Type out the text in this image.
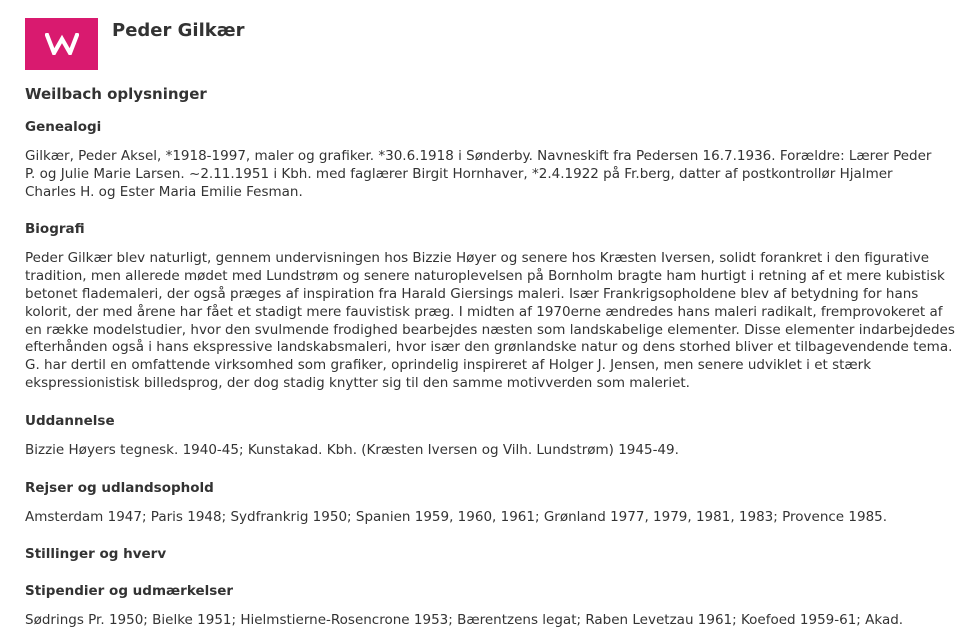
Peder Gilkær
Weilbach oplysninger
Genealogi

Gilkær, Peder Aksel, *1918-1997, maler og grafiker. *30.6.1918 i Sønderby. Navneskift fra Pedersen 16.7.1936. Forældre: Lærer Peder
P. og Julie Marie Larsen. ~2.11.1951 i Kbh. med faglærer Birgit Hornhaver, *2.4.1922 på Fr.berg, datter af postkontrollør Hjalmer
Charles H. og Ester Maria Emilie Fesman.

Biografi

Peder Gilkær blev naturligt, gennem undervisningen hos Bizzie Høyer og senere hos Kræsten Iversen, solidt forankret i den figurative
tradition, men allerede mødet med Lundstrøm og senere naturoplevelsen på Bornholm bragte ham hurtigt i retning af et mere kubistisk
betonet flademaleri, der også præges af inspiration fra Harald Giersings maleri. Især Frankrigsopholdene blev af betydning for hans
kolorit, der med årene har fået et stadigt mere fauvistisk præg. I midten af 1970erne ændredes hans maleri radikalt, fremprovokeret af
en række modelstudier, hvor den svulmende frodighed bearbejdes næsten som landskabelige elementer. Disse elementer indarbejdedes
efterhånden også i hans ekspressive landskabsmaleri, hvor især den grønlandske natur og dens storhed bliver et tilbagevendende tema.
G. har dertil en omfattende virksomhed som grafiker, oprindelig inspireret af Holger J. Jensen, men senere udviklet i et stærk
ekspressionistisk billedsprog, der dog stadig knytter sig til den samme motivverden som maleriet.

Uddannelse

Bizzie Høyers tegnesk. 1940-45; Kunstakad. Kbh. (Kræsten Iversen og Vilh. Lundstrøm) 1945-49.

Rejser og udlandsophold

Amsterdam 1947; Paris 1948; Sydfrankrig 1950; Spanien 1959, 1960, 1961; Grønland 1977, 1979, 1981, 1983; Provence 1985.

Stillinger og hverv
Stipendier og udmærkelser

Sødrings Pr. 1950; Bielke 1951; Hielmstierne-Rosencrone 1953; Bærentzens legat; Raben Levetzau 1961; Koefoed 1959-61; Akad.
